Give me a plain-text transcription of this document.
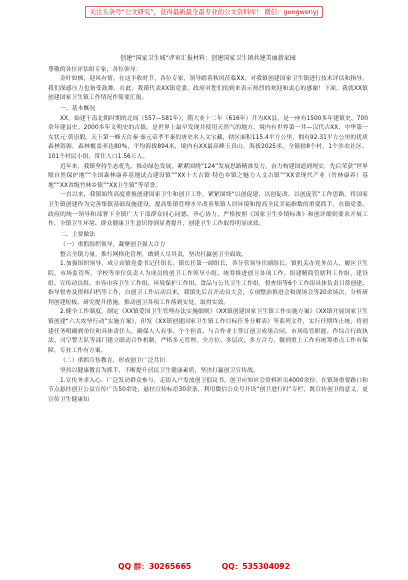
关注头条号“公文研究”，获得最新最全最专业的公文资料库！ 微信：gongwenyj

创建“国家卫生城”评审汇报材料：创建国家卫生镇共建美丽新家园

尊敬的各位评估组专家，各位领导：

金叶如枫，迎风有情。在这丰收时节，各位专家、领导踏着秋风莅临XX，对我镇创建国家卫生镇进行技术评估和指导，我们深感压力也备受鼓舞。在此，我谨代表XX镇党委、政府对您们的到来表示热烈的欢迎和衷心的感谢！下面，我就XX镇创建国家卫生镇工作情况作简要汇报。

一、基本概况

XX，始建于南北朝时期的北周（557—581年），隋大业十二年（616年）升为XX县，是一座有1500多年建镇史、700余年建县史、2000多年文明史的古镇。是世界上最早发现并使用天然气的地方，境内有世界第一井—汉代古XX，中华第一女状元·黄崇嘏。天下第一峰天台秦·秦元帝孝半秦的唐史名人文宝藏，辖区面积115.4平方公里，拥有92.31平方公里的优质森林资源，森林覆盖率达80%，平均海拔894米，境内有XX最高峰玉真山，海拔2025米，全镇辖8个村，1个涉农社区，101个村民小组，常住人口1.56万人。

近年来，我镇坚持生态优先、推动绿色发展，紧紧围绕“124”发展思路精准发力，奋力构建国道到现实，先后荣获“世界级自然保护地”“全国森林康养基地试点建设镇”“XX十大古镇·特色乡镇之魅力人文古镇”“XX省现代产业（竹林康养）基地”“XX省级竹林乡镇”“XX卫生镇”等荣誉。

一直以来，我镇始终高度重视创建国家卫生和创卫工作，紧紧围绕“以创促建、以创促改、以创促管”工作思路，将国家卫生镇创建作为完善集镇基础设施建设、提高集镇管理水平改善集镇人居环境和提高全民幸福指数的重要抓手，在镇党委、政府的统一领导和部署下全镇广大干部群众同心同德、齐心协力，严格按照《国家卫生乡镇标准》和创评细则要求开展工作，全镇卫生环境、群众健康卫生意识得到显著提升，创建卫生工作取得明显成效。

二、主要做法

（一）重抓组织领导，凝聚创卫强大合力

整合全镇力量，推行网格化管理，做到人尽其责，坚决打赢创卫全面战。

1.加强组织领导，成立由镇党委书记任组长，镇长任第一副组长，各分管领导任副组长，镇机关办党务员人、履区卫生院、市场监管所、学校等单位负责人为成员的创卫工作领导小组，统筹推进创卫各项工作。组建精简管辖科工作组，建设组、宣传动员组、市容市容卫生工作组、环境保护工作组、食品与公共卫生工作组，督查组等6个工作组具体负责日常创建、指导督查及资料归档等工作，自创卫工作启动以来，我镇先后召开动员大会，专项整治推进会和现场会等20余场次，分析研判创建短板、研究提升措施，推动创卫各项工作落到实处，取得实效。

2.健全工作制度。制定《XX镇爱国卫生管理办法实施细则》《XX镇创建国家卫生镇工作实施方案》《XX镇开展国家卫生镇创建“六大攻坚行动”实施方案》，印发《XX镇创建国家卫生镇工作目标任务分解表》等系列文件，实行任期终止统，将创建任务明确到单位和具体责任人，确保人人有事、个个担责。与合作业主签订创卫成果合同，市场监管职能、作综合行政执法、司空警大队等部门建立联动合作机制，严格多元管理，全方位、多层次、多方合力，做到重上工作有统筹重点工作有保障，专业工作有方案。

（二）重抓宣传教育，形成创卫广泛共识

坚持以健康教育为抓手，不断提升居民卫生健康素质，坚决打赢创卫宣传战。

1.宣传务求入心。广泛发动群众参与，走街入户发放创卫倡议书，创卫应知应会资料折页4000余份，在镇场重要路口和节点悬挂创卫公益宣传广告50余处，悬挂宣传标语30余条，利用微信公众号开设“创卫进行时”专栏，既宣传创卫的意义，更宣传卫生健康知

QQ 群：30265665	QQ：535304092
